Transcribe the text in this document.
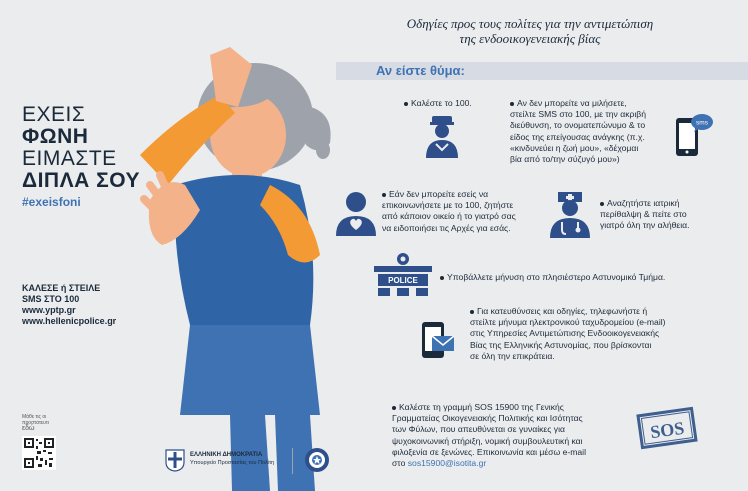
ΕΧΕΙΣ
ΦΩΝΗ
ΕΙΜΑΣΤΕ
ΔΙΠΛΑ ΣΟΥ
#exeisfoni
ΚΑΛΕΣΕ ή ΣΤΕΙΛΕ
SMS ΣΤΟ 100
www.yptp.gr
www.hellenicpolice.gr
Μάθε τις οι
προστατευτι
εδώ
Οδηγίες προς τους πολίτες για την αντιμετώπιση
της ενδοοικογενειακής βίας
Αν είστε θύμα:
Καλέστε το 100.	Αν δεν μπορείτε να μιλήσετε,
στείλτε SMS στο 100, με την ακριβή
διεύθυνση, το ονοματεπώνυμο & το
είδος της επείγουσας ανάγκης (π.χ.
«κινδυνεύει η ζωή μου», «δέχομαι
βία από το/την σύζυγό μου»)
sms
Εάν δεν μπορείτε εσείς να
επικοινωνήσετε με το 100, ζητήστε
από κάποιον οικείο ή το γιατρό σας
να ειδοποιήσει τις Αρχές για εσάς.
Αναζητήστε ιατρική
περίθαλψη & πείτε στο
γιατρό όλη την αλήθεια.
POLICE	Υποβάλλετε μήνυση στο πλησιέστερο Αστυνομικό Τμήμα.
Για κατευθύνσεις και οδηγίες, τηλεφωνήστε ή
στείλτε μήνυμα ηλεκτρονικού ταχυδρομείου (e-mail)
στις Υπηρεσίες Αντιμετώπισης Ενδοοικογενειακής
Βίας της Ελληνικής Αστυνομίας, που βρίσκονται
σε όλη την επικράτεια.
Καλέστε τη γραμμή SOS 15900 της Γενικής
Γραμματείας Οικογενειακής Πολιτικής και Ισότητας
των Φύλων, που απευθύνεται σε γυναίκες για
ψυχοκοινωνική στήριξη, νομική συμβουλευτική και
φιλοξενία σε ξενώνες. Επικοινωνία και μέσω e-mail
στο sos15900@isotita.gr
SOS
ΕΛΛΗΝΙΚΗ ΔΗΜΟΚΡΑΤΙΑ
Υπουργείο Προστασίας του Πολίτη
